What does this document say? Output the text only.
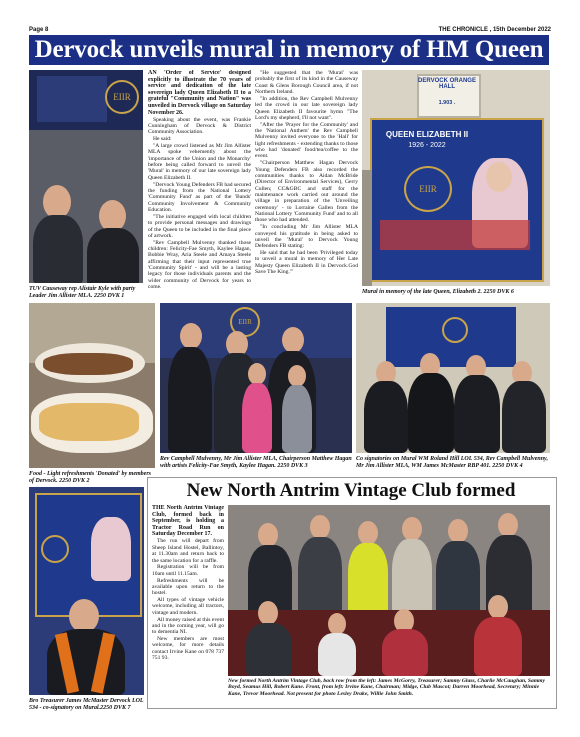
Page 8	THE CHRONICLE , 15th December 2022
Dervock unveils mural in memory of HM Queen
EIIR
TUV Causeway rep Alistair Kyle with party Leader Jim Allister MLA. 2250 DVK 1

AN 'Order of Service' designed explicitly to illustrate the 70 years of service and dedication of the late sovereign lady Queen Elizabeth II to a grateful "Community and Nation" was unveiled in Dervock village on Saturday November 26.

Speaking about the event, was Frankie Cunningham of Dervock & District Community Association.

He said:

"A large crowd listened as Mr Jim Allister MLA spoke vehemently about the 'importance of the Union and the Monarchy' before being called forward to unveil the 'Mural' in memory of our late sovereign lady Queen Elizabeth II.

"Dervock Young Defenders FB had secured the funding from the National Lottery 'Community Fund' as part of the 'Bands' Community Involvement & Community Education.

"The initiative engaged with local children to provide personal messages and drawings of the Queen to be included in the final piece of artwork.

"Rev Campbell Mulvenny thanked those children: Felicity-Fae Smyth, Kaylee Hagan, Bobbie Wray, Aria Steele and Amaya Steele affirming that their input represented true 'Community Spirit' - and will be a lasting legacy for those individuals parents and the wider community of Dervock for years to come.

"He suggested that the 'Mural' was probably the first of its kind in the Causeway Coast & Glens Borough Council area, if not Northern Ireland.

"In addition, the Rev Campbell Mulvenny led the crowd in our late sovereign lady Queen Elizabeth II favourite hymn "The Lord's my shepherd, I'll not want".

"After the 'Prayer for the Community' and the 'National Anthem' the Rev Campbell Mulvenny invited everyone to the 'Hall' for light refreshments - extending thanks to those who had 'donated' food/tea/coffee to the event.

"Chairperson Matthew Hagan Dervock Young Defenders FB also recorded the communities thanks to Aidan McBride (Director of Environmental Services), Gerry Cullen; CC&GBC and staff for the maintenance work carried out around the village in preparation of the 'Unveiling ceremony' - to Lorraine Gallen from the National Lottery 'Community Fund' and to all those who had attended.

"In concluding Mr Jim Allister MLA conveyed his gratitude in being asked to unveil the 'Mural' to Dervock Young Defenders FB stating:

He said that he had been 'Privileged today to unveil a mural in memory of Her Late Majesty Queen Elizabeth II in Dervock.God Save The King.'"

DERVOCK ORANGE HALL
1.903 .
QUEEN ELIZABETH II
1926 - 2022
EIIR
Mural in memory of the late Queen, Elizabeth 2. 2250 DVK 6
Food - Light refreshments 'Donated' by members of Dervock. 2250 DVK 2
EIIR
Rev Campbell Mulvenny, Mr Jim Allister MLA, Chairperson Matthew Hagan with artists Felicity-Fae Smyth, Kaylee Hagan. 2250 DVK 3
Co signatories on Mural WM Roland Hill LOL 534, Rev Campbell Mulvenny, Mr Jim Allister MLA, WM James McMaster RBP 401. 2250 DVK 4
Bro Treasurer James McMaster Dervock LOL 534 - co-signatory on Mural.2250 DVK 7
New North Antrim Vintage Club formed

THE North Antrim Vintage Club, formed back in September, is holding a Tractor Road Run on Saturday December 17.

The run will depart from Sheep Island Hostel, Ballintoy, at 11.30am and return back to the same location for a raffle.

Registration will be from 10am until 11.15am.

Refreshments will be available upon return to the hostel.

All types of vintage vehicle welcome, including all tractors, vintage and modern.

All money raised at this event and in the coming year, will go to dementia NI.

New members are most welcome, for more details contact Irvine Kane on 078 737 751 93.

New formed North Antrim Vintage Club, back row from the left: James McGorry, Treasurer; Sammy Glass, Charlie McCaughan, Sammy Boyd, Seamus Hill, Robert Kane. Front, from left: Irvine Kane, Chairman; Midge, Club Mascot; Darren Moorhead, Secretary; Minnie Kane, Trevor Moorhead. Not present for photo Lesley Drake, Willie John Smith.
